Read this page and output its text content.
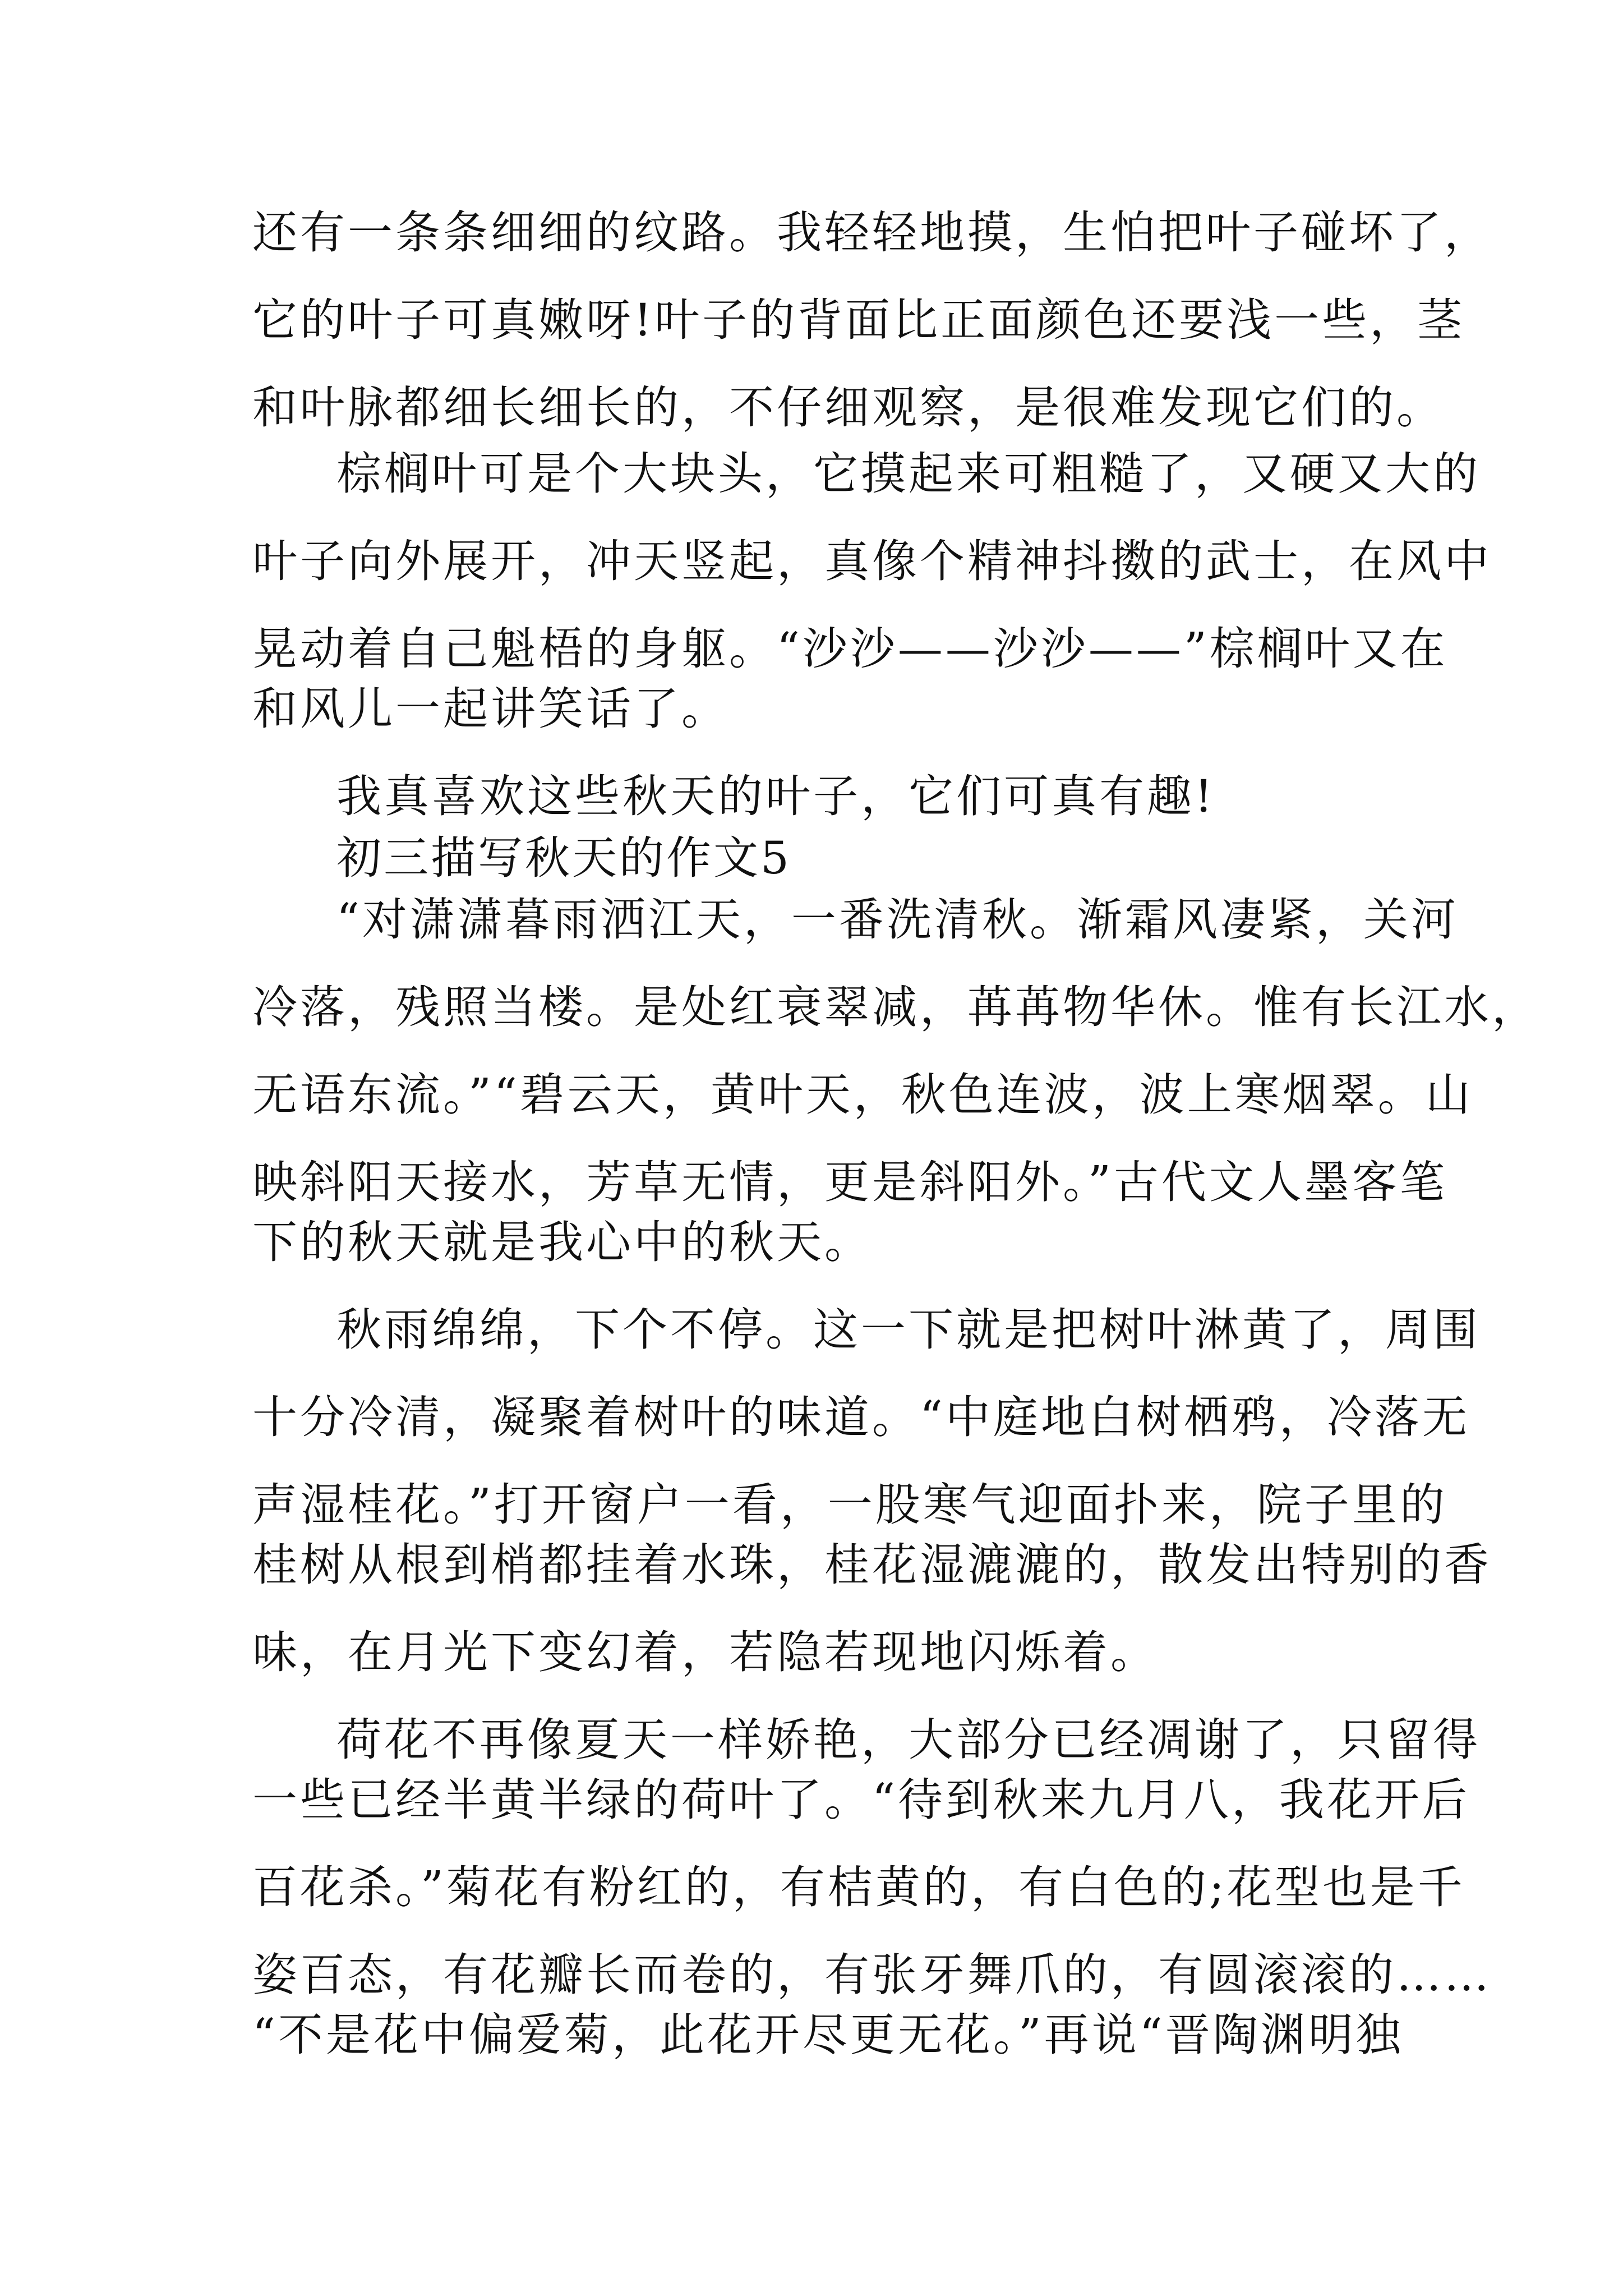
还有一条条细细的纹路。我轻轻地摸，生怕把叶子碰坏了，
它的叶子可真嫩呀!叶子的背面比正面颜色还要浅一些，茎
和叶脉都细长细长的，不仔细观察，是很难发现它们的。
棕榈叶可是个大块头，它摸起来可粗糙了，又硬又大的
叶子向外展开，冲天竖起，真像个精神抖擞的武士，在风中
晃动着自己魁梧的身躯。“沙沙——沙沙——”棕榈叶又在
和风儿一起讲笑话了。
我真喜欢这些秋天的叶子，它们可真有趣!
初三描写秋天的作文5
“对潇潇暮雨洒江天，一番洗清秋。渐霜风凄紧，关河
冷落，残照当楼。是处红衰翠减，苒苒物华休。惟有长江水，
无语东流。”“碧云天，黄叶天，秋色连波，波上寒烟翠。山
映斜阳天接水，芳草无情，更是斜阳外。”古代文人墨客笔
下的秋天就是我心中的秋天。
秋雨绵绵，下个不停。这一下就是把树叶淋黄了，周围
十分冷清，凝聚着树叶的味道。“中庭地白树栖鸦，冷落无
声湿桂花。”打开窗户一看，一股寒气迎面扑来，院子里的
桂树从根到梢都挂着水珠，桂花湿漉漉的，散发出特别的香
味，在月光下变幻着，若隐若现地闪烁着。
荷花不再像夏天一样娇艳，大部分已经凋谢了，只留得
一些已经半黄半绿的荷叶了。“待到秋来九月八，我花开后
百花杀。”菊花有粉红的，有桔黄的，有白色的;花型也是千
姿百态，有花瓣长而卷的，有张牙舞爪的，有圆滚滚的……
“不是花中偏爱菊，此花开尽更无花。”再说“晋陶渊明独
